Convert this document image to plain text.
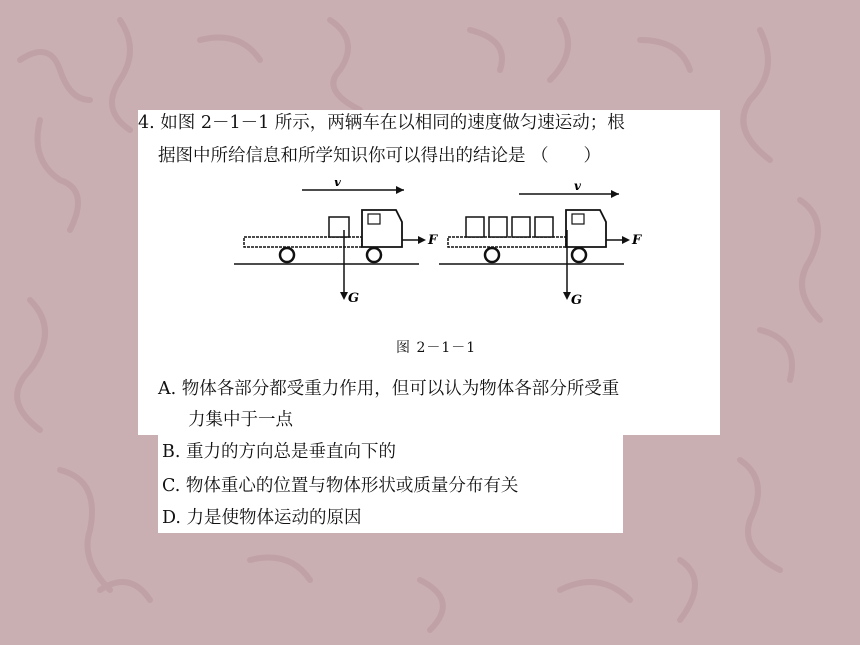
4. 如图 2－1－1 所示，两辆车在以相同的速度做匀速运动；根
据图中所给信息和所学知识你可以得出的结论是 （　　）
v
F
G
v
F
G
图 2－1－1
A. 物体各部分都受重力作用，但可以认为物体各部分所受重
力集中于一点
B. 重力的方向总是垂直向下的
C. 物体重心的位置与物体形状或质量分布有关
D. 力是使物体运动的原因
